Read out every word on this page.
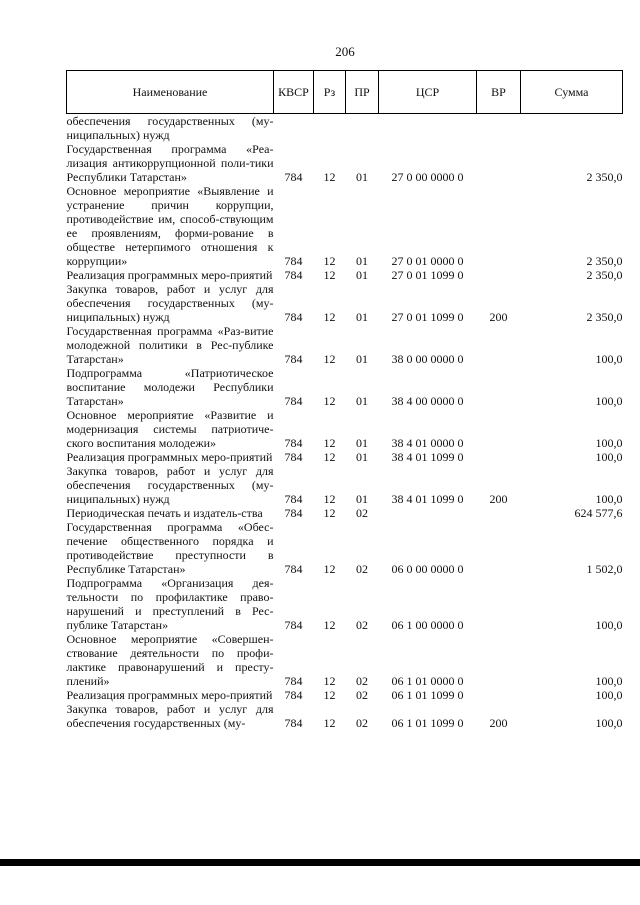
206
Наименование	КВСР	Рз	ПР	ЦСР	ВР	Сумма
обеспечения государственных (му-ниципальных) нужд						
Государственная программа «Реа-лизация антикоррупционной поли-тики Республики Татарстан»	784	12	01	27 0 00 0000 0		2 350,0
Основное мероприятие «Выявление и устранение причин коррупции, противодействие им, способ-ствующим ее проявлениям, форми-рование в обществе нетерпимого отношения к коррупции»	784	12	01	27 0 01 0000 0		2 350,0
Реализация программных меро-приятий	784	12	01	27 0 01 1099 0		2 350,0
Закупка товаров, работ и услуг для обеспечения государственных (му-ниципальных) нужд	784	12	01	27 0 01 1099 0	200	2 350,0
Государственная программа «Раз-витие молодежной политики в Рес-публике Татарстан»	784	12	01	38 0 00 0000 0		100,0
Подпрограмма «Патриотическое воспитание молодежи Республики Татарстан»	784	12	01	38 4 00 0000 0		100,0
Основное мероприятие «Развитие и модернизация системы патриотиче-ского воспитания молодежи»	784	12	01	38 4 01 0000 0		100,0
Реализация программных меро-приятий	784	12	01	38 4 01 1099 0		100,0
Закупка товаров, работ и услуг для обеспечения государственных (му-ниципальных) нужд	784	12	01	38 4 01 1099 0	200	100,0
Периодическая печать и издатель-ства	784	12	02			624 577,6
Государственная программа «Обес-печение общественного порядка и противодействие преступности в Республике Татарстан»	784	12	02	06 0 00 0000 0		1 502,0
Подпрограмма «Организация дея-тельности по профилактике право-нарушений и преступлений в Рес-публике Татарстан»	784	12	02	06 1 00 0000 0		100,0
Основное мероприятие «Совершен-ствование деятельности по профи-лактике правонарушений и престу-плений»	784	12	02	06 1 01 0000 0		100,0
Реализация программных меро-приятий	784	12	02	06 1 01 1099 0		100,0
Закупка товаров, работ и услуг для обеспечения государственных (му-	784	12	02	06 1 01 1099 0	200	100,0
